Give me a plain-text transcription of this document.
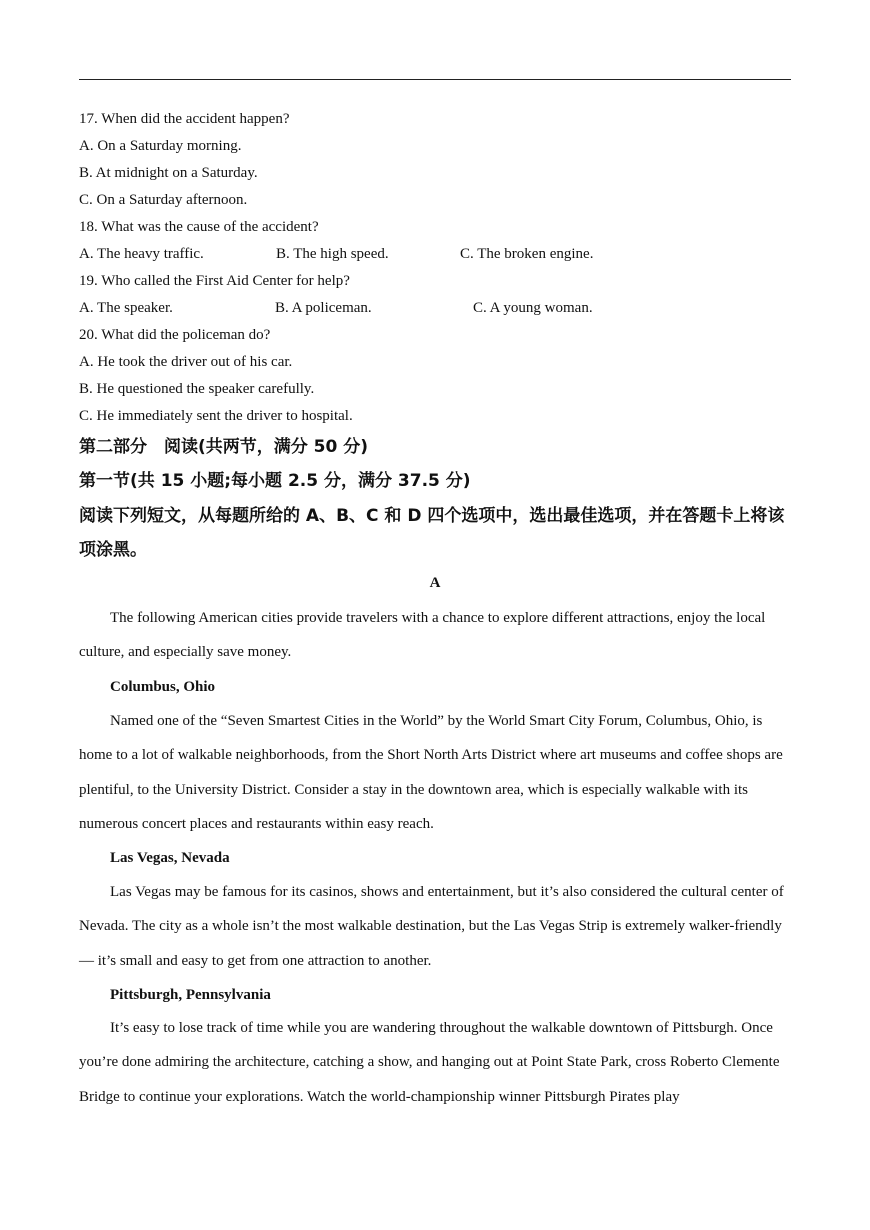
17. When did the accident happen?
A. On a Saturday morning.
B. At midnight on a Saturday.
C. On a Saturday afternoon.
18. What was the cause of the accident?
A. The heavy traffic.	B. The high speed.	C. The broken engine.
19. Who called the First Aid Center for help?
A. The speaker.	B. A policeman.	C. A young woman.
20. What did the policeman do?
A. He took the driver out of his car.
B. He questioned the speaker carefully.
C. He immediately sent the driver to hospital.
第二部分　阅读(共两节，满分 50 分)
第一节(共 15 小题;每小题 2.5 分，满分 37.5 分)
阅读下列短文，从每题所给的 A、B、C 和 D 四个选项中，选出最佳选项，并在答题卡上将该
项涂黑。
A

The following American cities provide travelers with a chance to explore different attractions, enjoy the local culture, and especially save money.

Columbus, Ohio

Named one of the “Seven Smartest Cities in the World” by the World Smart City Forum, Columbus, Ohio, is home to a lot of walkable neighborhoods, from the Short North Arts District where art museums and coffee shops are plentiful, to the University District. Consider a stay in the downtown area, which is especially walkable with its numerous concert places and restaurants within easy reach.

Las Vegas, Nevada

Las Vegas may be famous for its casinos, shows and entertainment, but it’s also considered the cultural center of Nevada. The city as a whole isn’t the most walkable destination, but the Las Vegas Strip is extremely walker-friendly — it’s small and easy to get from one attraction to another.

Pittsburgh, Pennsylvania

It’s easy to lose track of time while you are wandering throughout the walkable downtown of Pittsburgh. Once you’re done admiring the architecture, catching a show, and hanging out at Point State Park, cross Roberto Clemente Bridge to continue your explorations. Watch the world-championship winner Pittsburgh Pirates play
